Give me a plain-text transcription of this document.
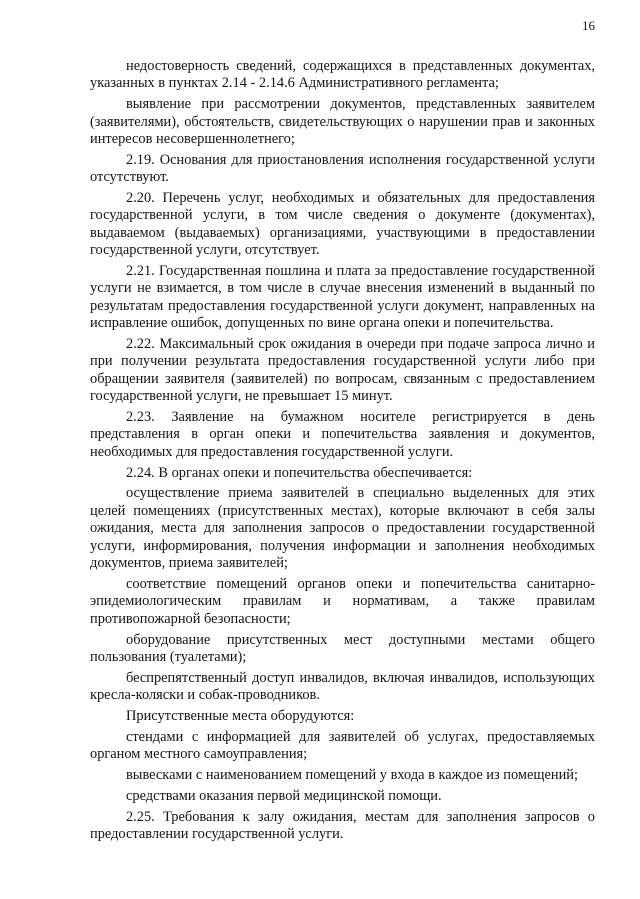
16

недостоверность сведений, содержащихся в представленных документах, указанных в пунктах 2.14 - 2.14.6 Административного регламента;

выявление при рассмотрении документов, представленных заявителем (заявителями), обстоятельств, свидетельствующих о нарушении прав и законных интересов несовершеннолетнего;

2.19. Основания для приостановления исполнения государственной услуги отсутствуют.

2.20. Перечень услуг, необходимых и обязательных для предоставления государственной услуги, в том числе сведения о документе (документах), выдаваемом (выдаваемых) организациями, участвующими в предоставлении государственной услуги, отсутствует.

2.21. Государственная пошлина и плата за предоставление государственной услуги не взимается, в том числе в случае внесения изменений в выданный по результатам предоставления государственной услуги документ, направленных на исправление ошибок, допущенных по вине органа опеки и попечительства.

2.22. Максимальный срок ожидания в очереди при подаче запроса лично и при получении результата предоставления государственной услуги либо при обращении заявителя (заявителей) по вопросам, связанным с предоставлением государственной услуги, не превышает 15 минут.

2.23. Заявление на бумажном носителе регистрируется в день представления в орган опеки и попечительства заявления и документов, необходимых для предоставления государственной услуги.

2.24. В органах опеки и попечительства обеспечивается:

осуществление приема заявителей в специально выделенных для этих целей помещениях (присутственных местах), которые включают в себя залы ожидания, места для заполнения запросов о предоставлении государственной услуги, информирования, получения информации и заполнения необходимых документов, приема заявителей;

соответствие помещений органов опеки и попечительства санитарно-эпидемиологическим правилам и нормативам, а также правилам противопожарной безопасности;

оборудование присутственных мест доступными местами общего пользования (туалетами);

беспрепятственный доступ инвалидов, включая инвалидов, использующих кресла-коляски и собак-проводников.

Присутственные места оборудуются:

стендами с информацией для заявителей об услугах, предоставляемых органом местного самоуправления;

вывесками с наименованием помещений у входа в каждое из помещений;

средствами оказания первой медицинской помощи.

2.25. Требования к залу ожидания, местам для заполнения запросов о предоставлении государственной услуги.
